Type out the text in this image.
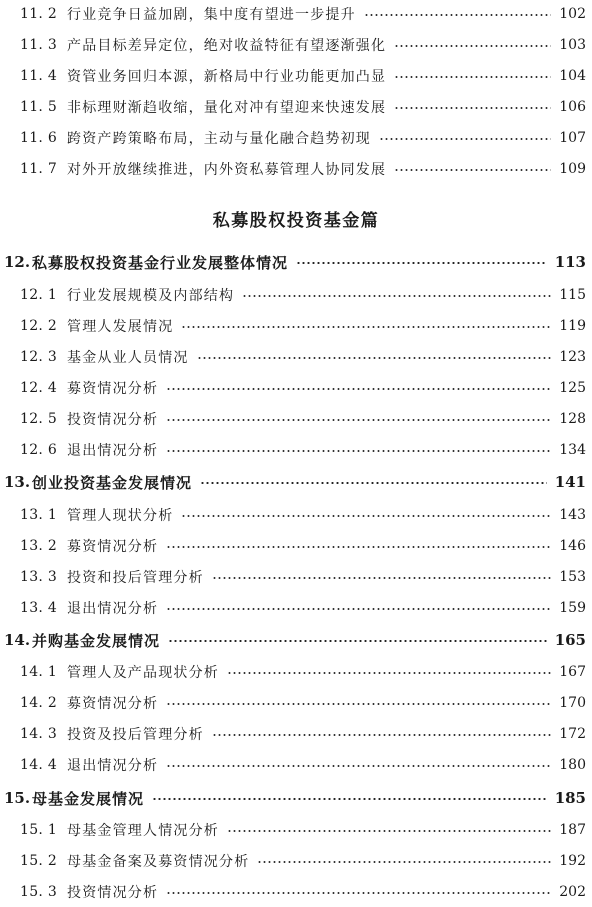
11. 2 行业竞争日益加剧，集中度有望进一步提升	102
11. 3 产品目标差异定位，绝对收益特征有望逐渐强化	103
11. 4 资管业务回归本源，新格局中行业功能更加凸显	104
11. 5 非标理财渐趋收缩，量化对冲有望迎来快速发展	106
11. 6 跨资产跨策略布局，主动与量化融合趋势初现	107
11. 7 对外开放继续推进，内外资私募管理人协同发展	109
私募股权投资基金篇
12. 私募股权投资基金行业发展整体情况	113
12. 1 行业发展规模及内部结构	115
12. 2 管理人发展情况	119
12. 3 基金从业人员情况	123
12. 4 募资情况分析	125
12. 5 投资情况分析	128
12. 6 退出情况分析	134
13. 创业投资基金发展情况	141
13. 1 管理人现状分析	143
13. 2 募资情况分析	146
13. 3 投资和投后管理分析	153
13. 4 退出情况分析	159
14. 并购基金发展情况	165
14. 1 管理人及产品现状分析	167
14. 2 募资情况分析	170
14. 3 投资及投后管理分析	172
14. 4 退出情况分析	180
15. 母基金发展情况	185
15. 1 母基金管理人情况分析	187
15. 2 母基金备案及募资情况分析	192
15. 3 投资情况分析	202
